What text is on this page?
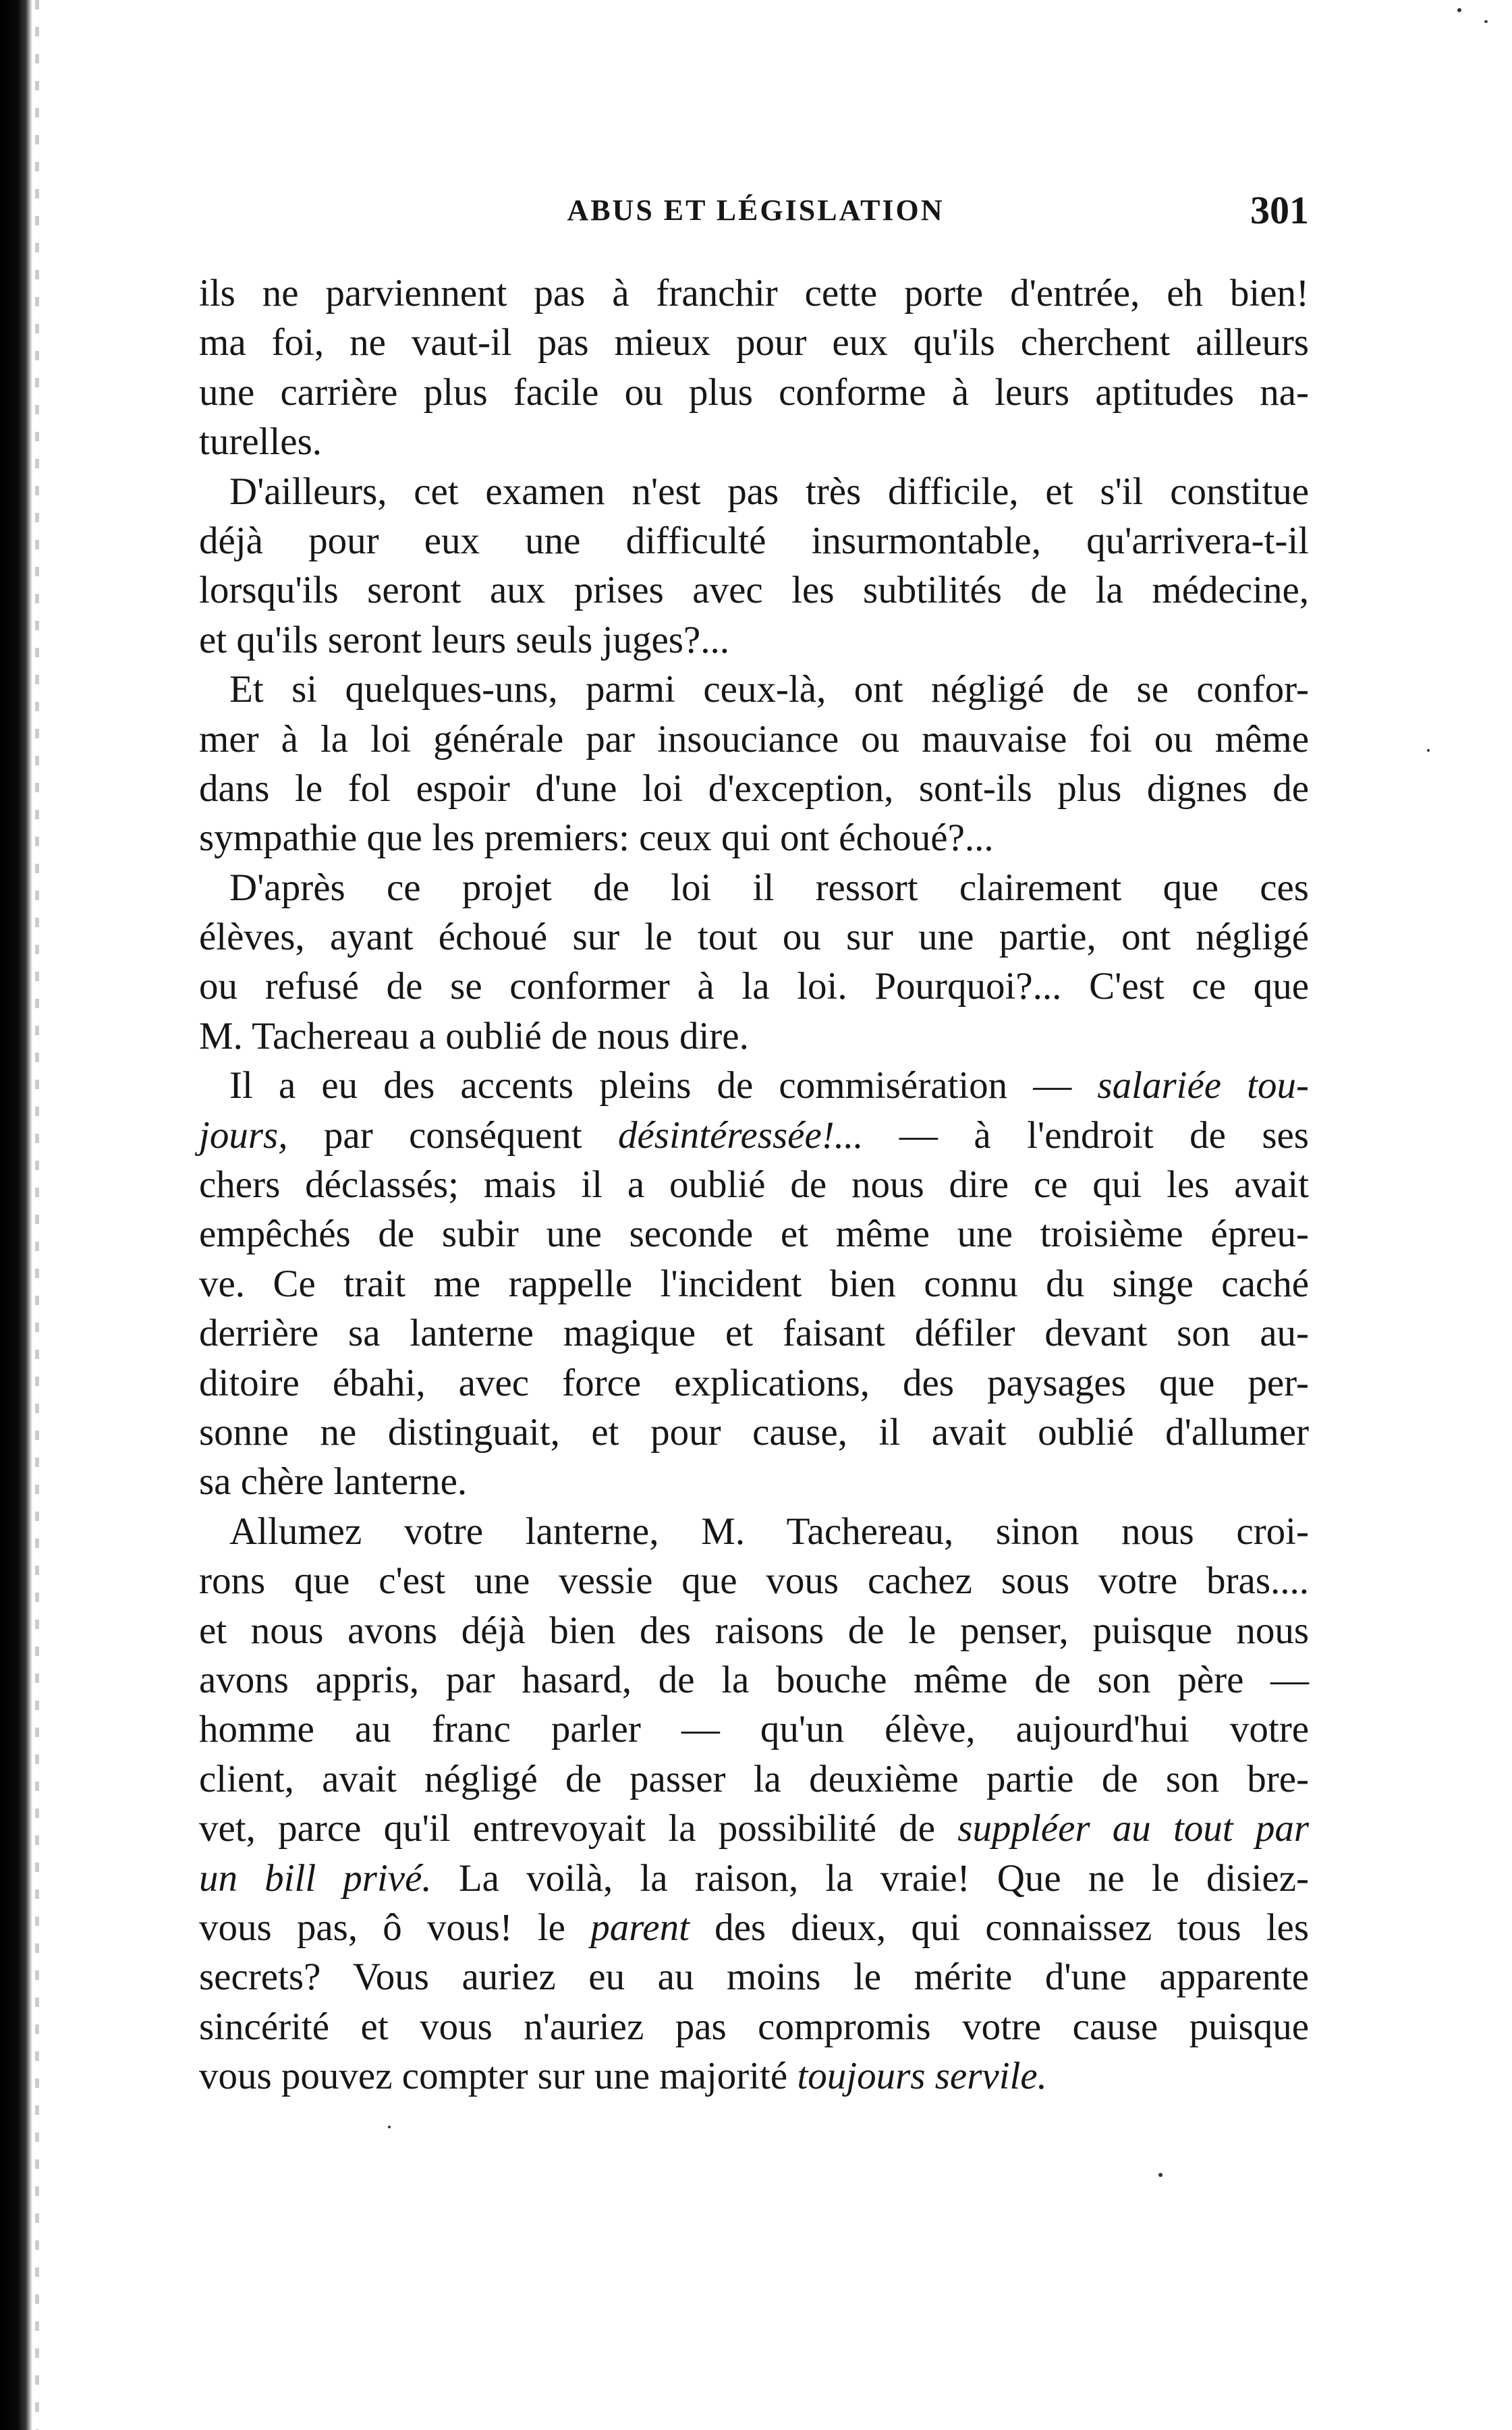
ABUS ET LÉGISLATION	301
ils ne parviennent pas à franchir cette porte d'entrée, eh bien!
ma foi, ne vaut-il pas mieux pour eux qu'ils cherchent ailleurs
une carrière plus facile ou plus conforme à leurs aptitudes na-
turelles.
D'ailleurs, cet examen n'est pas très difficile, et s'il constitue
déjà pour eux une difficulté insurmontable, qu'arrivera-t-il
lorsqu'ils seront aux prises avec les subtilités de la médecine,
et qu'ils seront leurs seuls juges?...
Et si quelques-uns, parmi ceux-là, ont négligé de se confor-
mer à la loi générale par insouciance ou mauvaise foi ou même
dans le fol espoir d'une loi d'exception, sont-ils plus dignes de
sympathie que les premiers: ceux qui ont échoué?...
D'après ce projet de loi il ressort clairement que ces
élèves, ayant échoué sur le tout ou sur une partie, ont négligé
ou refusé de se conformer à la loi. Pourquoi?... C'est ce que
M. Tachereau a oublié de nous dire.
Il a eu des accents pleins de commisération — salariée tou-
jours, par conséquent désintéressée!... — à l'endroit de ses
chers déclassés; mais il a oublié de nous dire ce qui les avait
empêchés de subir une seconde et même une troisième épreu-
ve. Ce trait me rappelle l'incident bien connu du singe caché
derrière sa lanterne magique et faisant défiler devant son au-
ditoire ébahi, avec force explications, des paysages que per-
sonne ne distinguait, et pour cause, il avait oublié d'allumer
sa chère lanterne.
Allumez votre lanterne, M. Tachereau, sinon nous croi-
rons que c'est une vessie que vous cachez sous votre bras....
et nous avons déjà bien des raisons de le penser, puisque nous
avons appris, par hasard, de la bouche même de son père —
homme au franc parler — qu'un élève, aujourd'hui votre
client, avait négligé de passer la deuxième partie de son bre-
vet, parce qu'il entrevoyait la possibilité de suppléer au tout par
un bill privé. La voilà, la raison, la vraie! Que ne le disiez-
vous pas, ô vous! le parent des dieux, qui connaissez tous les
secrets? Vous auriez eu au moins le mérite d'une apparente
sincérité et vous n'auriez pas compromis votre cause puisque
vous pouvez compter sur une majorité toujours servile.
